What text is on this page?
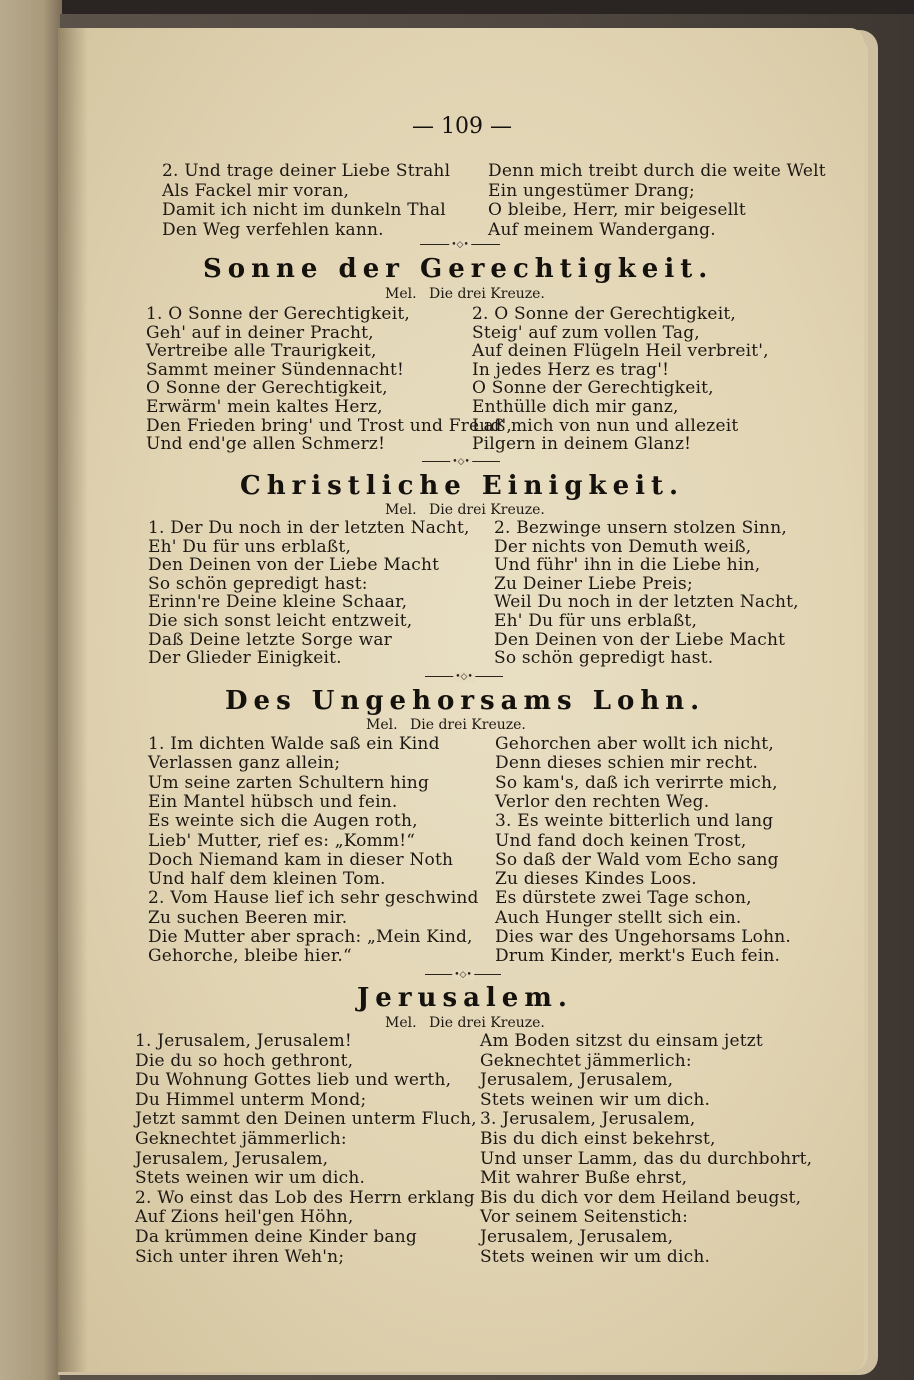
— 109 —
2. Und trage deiner Liebe Strahl
Als Fackel mir voran,
Damit ich nicht im dunkeln Thal
Den Weg verfehlen kann.
Denn mich treibt durch die weite Welt
Ein ungestümer Drang;
O bleibe, Herr, mir beigesellt
Auf meinem Wandergang.
•◇•
Sonne der Gerechtigkeit.
Mel. Die drei Kreuze.
1. O Sonne der Gerechtigkeit,
Geh' auf in deiner Pracht,
Vertreibe alle Traurigkeit,
Sammt meiner Sündennacht!
O Sonne der Gerechtigkeit,
Erwärm' mein kaltes Herz,
Den Frieden bring' und Trost und Freud',
Und end'ge allen Schmerz!
2. O Sonne der Gerechtigkeit,
Steig' auf zum vollen Tag,
Auf deinen Flügeln Heil verbreit',
In jedes Herz es trag'!
O Sonne der Gerechtigkeit,
Enthülle dich mir ganz,
Laß mich von nun und allezeit
Pilgern in deinem Glanz!
•◇•
Christliche Einigkeit.
Mel. Die drei Kreuze.
1. Der Du noch in der letzten Nacht,
Eh' Du für uns erblaßt,
Den Deinen von der Liebe Macht
So schön gepredigt hast:
Erinn're Deine kleine Schaar,
Die sich sonst leicht entzweit,
Daß Deine letzte Sorge war
Der Glieder Einigkeit.
2. Bezwinge unsern stolzen Sinn,
Der nichts von Demuth weiß,
Und führ' ihn in die Liebe hin,
Zu Deiner Liebe Preis;
Weil Du noch in der letzten Nacht,
Eh' Du für uns erblaßt,
Den Deinen von der Liebe Macht
So schön gepredigt hast.
•◇•
Des Ungehorsams Lohn.
Mel. Die drei Kreuze.
1. Im dichten Walde saß ein Kind
Verlassen ganz allein;
Um seine zarten Schultern hing
Ein Mantel hübsch und fein.
Es weinte sich die Augen roth,
Lieb' Mutter, rief es: „Komm!“
Doch Niemand kam in dieser Noth
Und half dem kleinen Tom.
2. Vom Hause lief ich sehr geschwind
Zu suchen Beeren mir.
Die Mutter aber sprach: „Mein Kind,
Gehorche, bleibe hier.“
Gehorchen aber wollt ich nicht,
Denn dieses schien mir recht.
So kam's, daß ich verirrte mich,
Verlor den rechten Weg.
3. Es weinte bitterlich und lang
Und fand doch keinen Trost,
So daß der Wald vom Echo sang
Zu dieses Kindes Loos.
Es dürstete zwei Tage schon,
Auch Hunger stellt sich ein.
Dies war des Ungehorsams Lohn.
Drum Kinder, merkt's Euch fein.
•◇•
Jerusalem.
Mel. Die drei Kreuze.
1. Jerusalem, Jerusalem!
Die du so hoch gethront,
Du Wohnung Gottes lieb und werth,
Du Himmel unterm Mond;
Jetzt sammt den Deinen unterm Fluch,
Geknechtet jämmerlich:
Jerusalem, Jerusalem,
Stets weinen wir um dich.
2. Wo einst das Lob des Herrn erklang
Auf Zions heil'gen Höhn,
Da krümmen deine Kinder bang
Sich unter ihren Weh'n;
Am Boden sitzst du einsam jetzt
Geknechtet jämmerlich:
Jerusalem, Jerusalem,
Stets weinen wir um dich.
3. Jerusalem, Jerusalem,
Bis du dich einst bekehrst,
Und unser Lamm, das du durchbohrt,
Mit wahrer Buße ehrst,
Bis du dich vor dem Heiland beugst,
Vor seinem Seitenstich:
Jerusalem, Jerusalem,
Stets weinen wir um dich.
